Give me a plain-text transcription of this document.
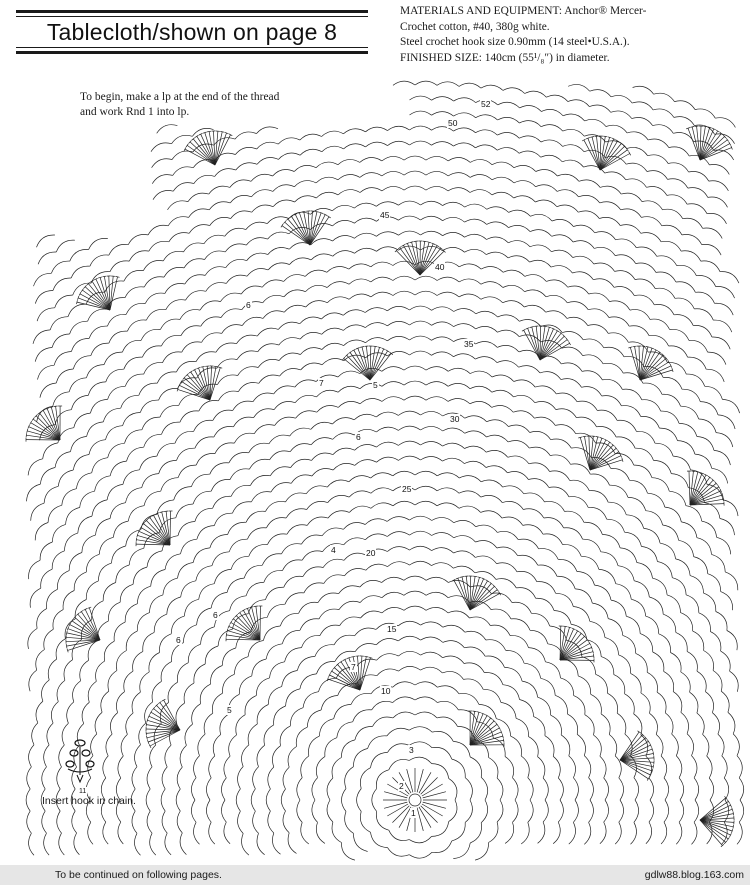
Tablecloth/shown on page 8
MATERIALS AND EQUIPMENT: Anchor® Mercer-
Crochet cotton, #40, 380g white.
Steel crochet hook size 0.90mm (14 steel•U.S.A.).
FINISHED SIZE: 140cm (55¹/₈″) in diameter.
To begin, make a lp at the end of the thread
and work Rnd 1 into lp.
52
50
45
40
35
30
25
20
15
10
5
6
7
6
7
5
6
6
4
3
2
1
11
Insert hook in chain.
To be continued on following pages.	gdlw88.blog.163.com
